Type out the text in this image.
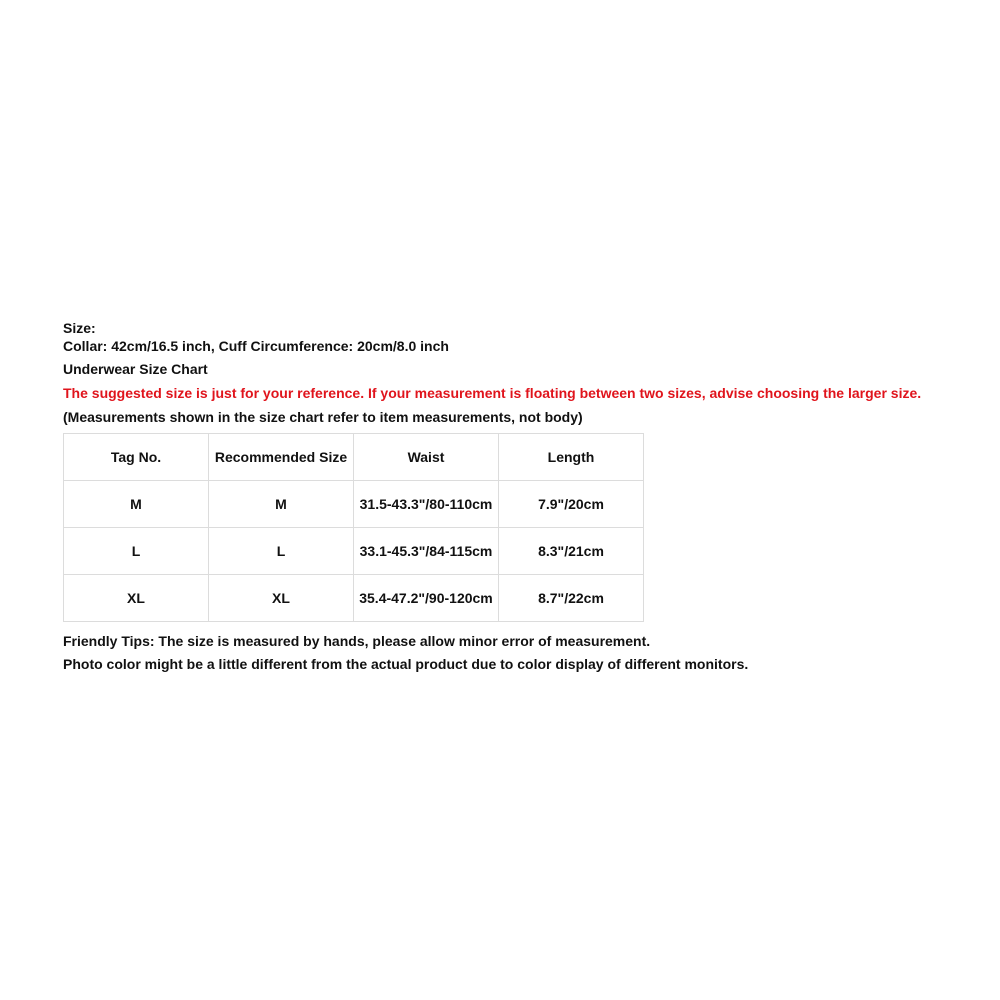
Size:
Collar: 42cm/16.5 inch, Cuff Circumference: 20cm/8.0 inch
Underwear Size Chart
The suggested size is just for your reference. If your measurement is floating between two sizes, advise choosing the larger size.
(Measurements shown in the size chart refer to item measurements, not body)
Tag No.	Recommended Size	Waist	Length
M	M	31.5-43.3"/80-110cm	7.9"/20cm
L	L	33.1-45.3"/84-115cm	8.3"/21cm
XL	XL	35.4-47.2"/90-120cm	8.7"/22cm
Friendly Tips: The size is measured by hands, please allow minor error of measurement.
Photo color might be a little different from the actual product due to color display of different monitors.
